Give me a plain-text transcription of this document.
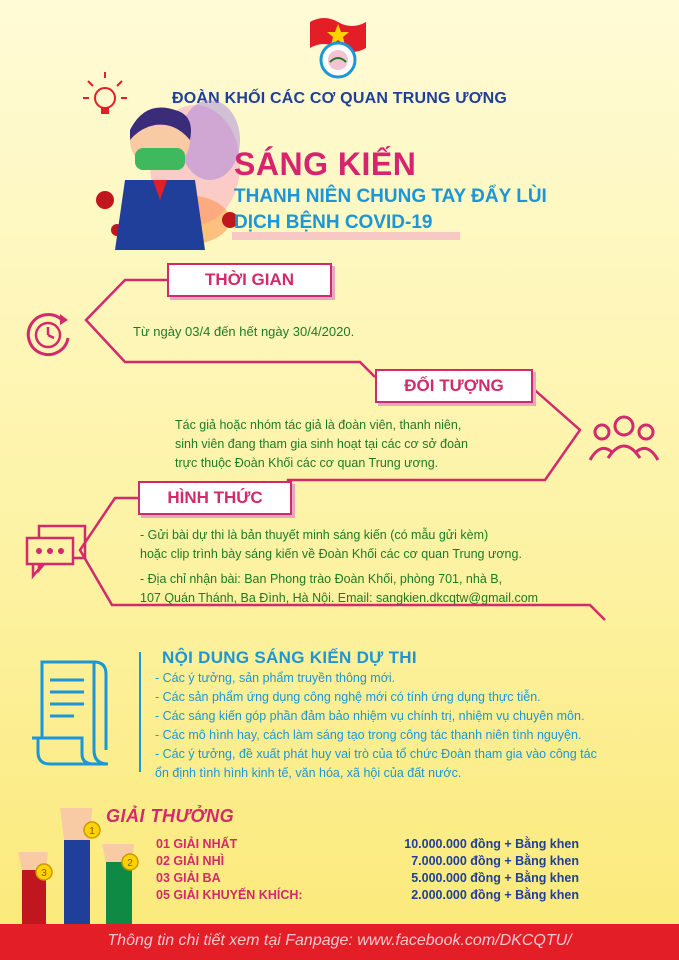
ĐOÀN KHỐI CÁC CƠ QUAN TRUNG ƯƠNG
SÁNG KIẾN
THANH NIÊN CHUNG TAY ĐẨY LÙI
DỊCH BỆNH COVID-19
THỜI GIAN
ĐỐI TƯỢNG
HÌNH THỨC
Từ ngày 03/4 đến hết ngày 30/4/2020.
Tác giả hoặc nhóm tác giả là đoàn viên, thanh niên,
sinh viên đang tham gia sinh hoạt tại các cơ sở đoàn
trực thuộc Đoàn Khối các cơ quan Trung ương.

- Gửi bài dự thi là bản thuyết minh sáng kiến (có mẫu gửi kèm)
hoặc clip trình bày sáng kiến về Đoàn Khối các cơ quan Trung ương.

- Địa chỉ nhận bài: Ban Phong trào Đoàn Khối, phòng 701, nhà B,
107 Quán Thánh, Ba Đình, Hà Nội. Email: sangkien.dkcqtw@gmail.com

NỘI DUNG SÁNG KIẾN DỰ THI
- Các ý tưởng, sản phẩm truyền thông mới.
- Các sản phẩm ứng dụng công nghệ mới có tính ứng dụng thực tiễn.
- Các sáng kiến góp phần đảm bảo nhiệm vụ chính trị, nhiệm vụ chuyên môn.
- Các mô hình hay, cách làm sáng tạo trong công tác thanh niên tình nguyện.
- Các ý tưởng, đề xuất phát huy vai trò của tổ chức Đoàn tham gia vào công tác
ổn định tình hình kinh tế, văn hóa, xã hội của đất nước.
1
2
3
GIẢI THƯỞNG
01 GIẢI NHẤT
02 GIẢI NHÌ
03 GIẢI BA
05 GIẢI KHUYẾN KHÍCH:
10.000.000 đồng + Bằng khen
7.000.000 đồng + Bằng khen
5.000.000 đồng + Bằng khen
2.000.000 đồng + Bằng khen
Thông tin chi tiết xem tại Fanpage: www.facebook.com/DKCQTU/
